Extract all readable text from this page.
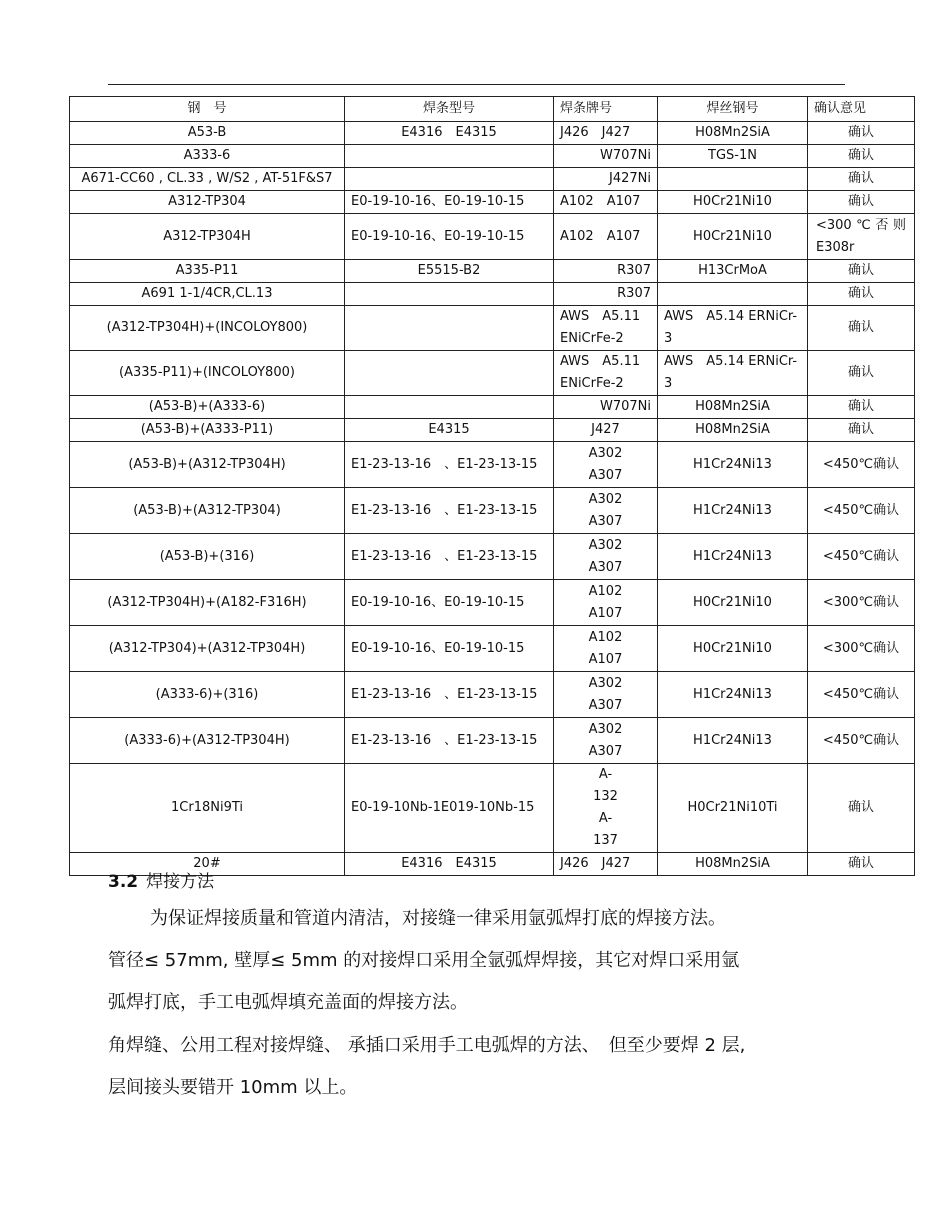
钢　号	焊条型号	焊条牌号	焊丝钢号	确认意见
A53-B	E4316　E4315	J426　J427	H08Mn2SiA	确认
A333-6		W707Ni	TGS-1N	确认
A671-CC60 , CL.33 , W/S2 , AT-51F&S7		J427Ni		确认
A312-TP304	E0-19-10-16、E0-19-10-15	A102　A107	H0Cr21Ni10	确认
A312-TP304H	E0-19-10-16、E0-19-10-15	A102　A107	H0Cr21Ni10	<300 ℃ 否 则 E308r
A335-P11	E5515-B2	R307	H13CrMoA	确认
A691 1-1/4CR,CL.13		R307		确认
(A312-TP304H)+(INCOLOY800)		AWS　A5.11 ENiCrFe-2	AWS　A5.14 ERNiCr-3	确认
(A335-P11)+(INCOLOY800)		AWS　A5.11 ENiCrFe-2	AWS　A5.14 ERNiCr-3	确认
(A53-B)+(A333-6)		W707Ni	H08Mn2SiA	确认
(A53-B)+(A333-P11)	E4315	J427	H08Mn2SiA	确认
(A53-B)+(A312-TP304H)	E1-23-13-16　、E1-23-13-15	A302 A307	H1Cr24Ni13	<450℃确认
(A53-B)+(A312-TP304)	E1-23-13-16　、E1-23-13-15	A302 A307	H1Cr24Ni13	<450℃确认
(A53-B)+(316)	E1-23-13-16　、E1-23-13-15	A302 A307	H1Cr24Ni13	<450℃确认
(A312-TP304H)+(A182-F316H)	E0-19-10-16、E0-19-10-15	A102 A107	H0Cr21Ni10	<300℃确认
(A312-TP304)+(A312-TP304H)	E0-19-10-16、E0-19-10-15	A102 A107	H0Cr21Ni10	<300℃确认
(A333-6)+(316)	E1-23-13-16　、E1-23-13-15	A302 A307	H1Cr24Ni13	<450℃确认
(A333-6)+(A312-TP304H)	E1-23-13-16　、E1-23-13-15	A302 A307	H1Cr24Ni13	<450℃确认
1Cr18Ni9Ti	E0-19-10Nb-1E019-10Nb-15	A-132 A-137	H0Cr21Ni10Ti	确认
20#	E4316　E4315	J426　J427	H08Mn2SiA	确认
3.2 焊接方法
为保证焊接质量和管道内清洁，对接缝一律采用氩弧焊打底的焊接方法。
管径≤ 57mm, 壁厚≤ 5mm 的对接焊口采用全氩弧焊焊接，其它对焊口采用氩
弧焊打底，手工电弧焊填充盖面的焊接方法。
角焊缝、公用工程对接焊缝、 承插口采用手工电弧焊的方法、　但至少要焊 2 层,
层间接头要错开 10mm 以上。
